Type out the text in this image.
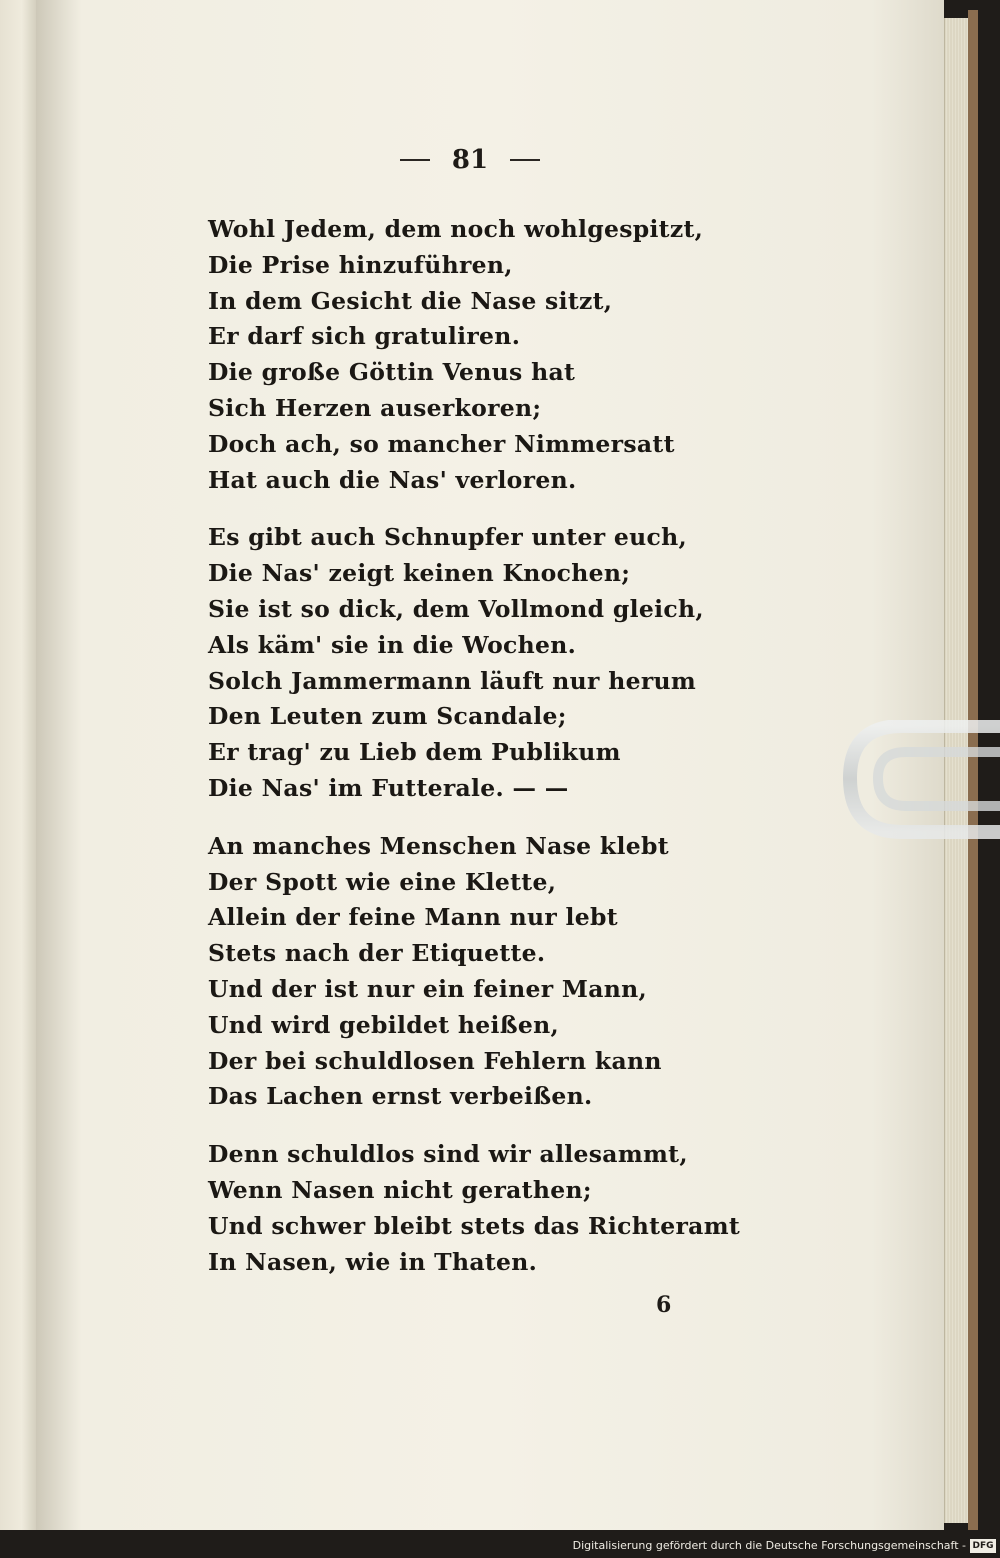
81
Wohl Jedem, dem noch wohlgespitzt,
Die Prise hinzuführen,
In dem Gesicht die Nase sitzt,
Er darf sich gratuliren.
Die große Göttin Venus hat
Sich Herzen auserkoren;
Doch ach, so mancher Nimmersatt
Hat auch die Nas' verloren.
Es gibt auch Schnupfer unter euch,
Die Nas' zeigt keinen Knochen;
Sie ist so dick, dem Vollmond gleich,
Als käm' sie in die Wochen.
Solch Jammermann läuft nur herum
Den Leuten zum Scandale;
Er trag' zu Lieb dem Publikum
Die Nas' im Futterale. — —
An manches Menschen Nase klebt
Der Spott wie eine Klette,
Allein der feine Mann nur lebt
Stets nach der Etiquette.
Und der ist nur ein feiner Mann,
Und wird gebildet heißen,
Der bei schuldlosen Fehlern kann
Das Lachen ernst verbeißen.
Denn schuldlos sind wir allesammt,
Wenn Nasen nicht gerathen;
Und schwer bleibt stets das Richteramt
In Nasen, wie in Thaten.
6
Digitalisierung gefördert durch die Deutsche Forschungsgemeinschaft - DFG
